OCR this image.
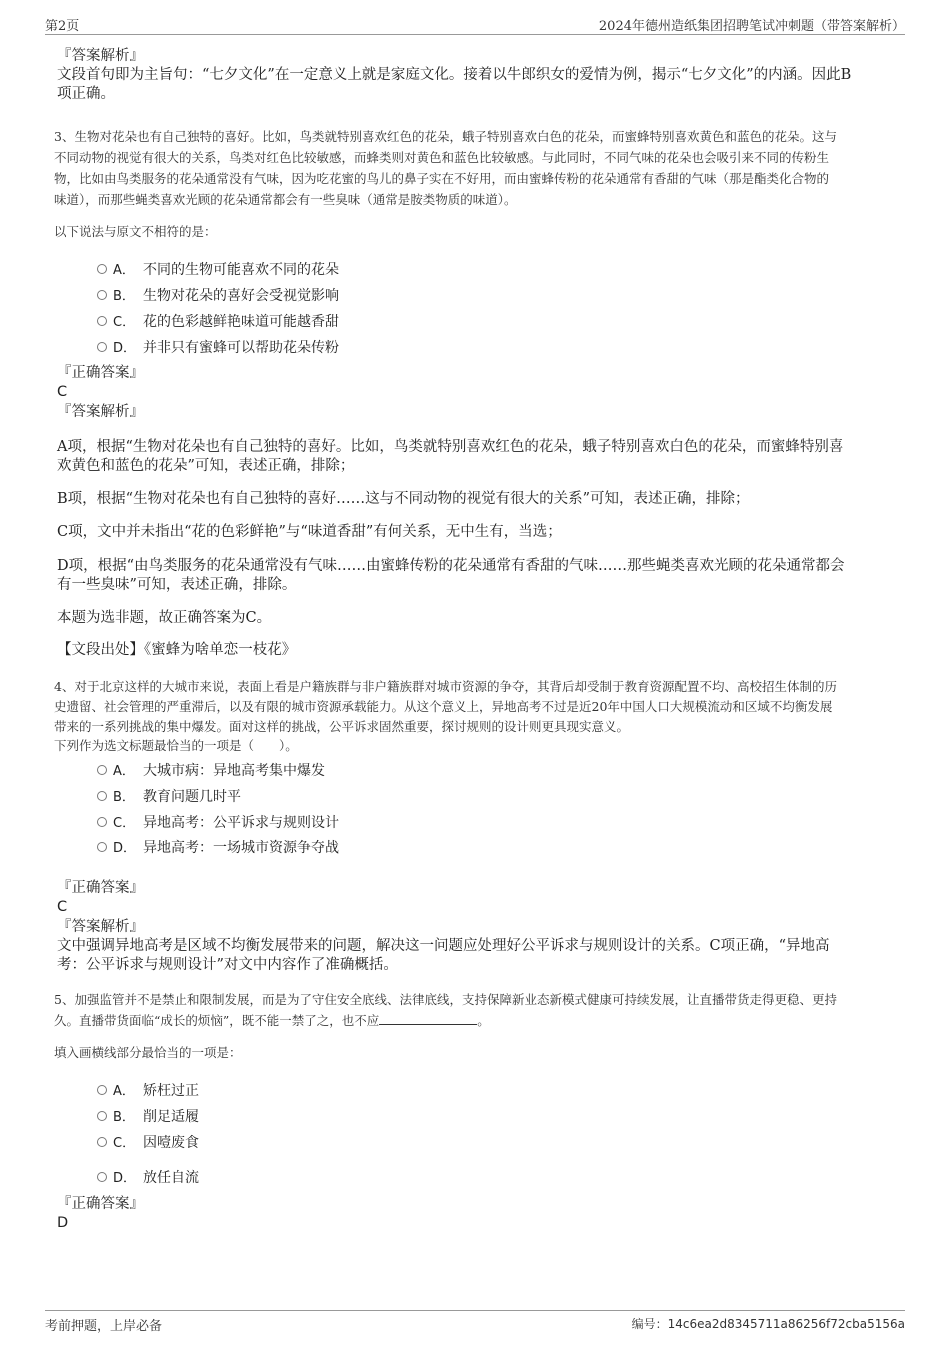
第2页	2024年德州造纸集团招聘笔试冲刺题（带答案解析）
『答案解析』
文段首句即为主旨句：“七夕文化”在一定意义上就是家庭文化。接着以牛郎织女的爱情为例，揭示“七夕文化”的内涵。因此B
项正确。
3、生物对花朵也有自己独特的喜好。比如，鸟类就特别喜欢红色的花朵，蛾子特别喜欢白色的花朵，而蜜蜂特别喜欢黄色和蓝色的花朵。这与
不同动物的视觉有很大的关系，鸟类对红色比较敏感，而蜂类则对黄色和蓝色比较敏感。与此同时，不同气味的花朵也会吸引来不同的传粉生
物，比如由鸟类服务的花朵通常没有气味，因为吃花蜜的鸟儿的鼻子实在不好用，而由蜜蜂传粉的花朵通常有香甜的气味（那是酯类化合物的
味道），而那些蝇类喜欢光顾的花朵通常都会有一些臭味（通常是胺类物质的味道）。
以下说法与原文不相符的是：
A． 不同的生物可能喜欢不同的花朵
B． 生物对花朵的喜好会受视觉影响
C． 花的色彩越鲜艳味道可能越香甜
D． 并非只有蜜蜂可以帮助花朵传粉
『正确答案』
C
『答案解析』
A项，根据“生物对花朵也有自己独特的喜好。比如，鸟类就特别喜欢红色的花朵，蛾子特别喜欢白色的花朵，而蜜蜂特别喜
欢黄色和蓝色的花朵”可知，表述正确，排除；
B项，根据“生物对花朵也有自己独特的喜好……这与不同动物的视觉有很大的关系”可知，表述正确，排除；
C项，文中并未指出“花的色彩鲜艳”与“味道香甜”有何关系，无中生有，当选；
D项，根据“由鸟类服务的花朵通常没有气味……由蜜蜂传粉的花朵通常有香甜的气味……那些蝇类喜欢光顾的花朵通常都会
有一些臭味”可知，表述正确，排除。
本题为选非题，故正确答案为C。
【文段出处】《蜜蜂为啥单恋一枝花》
4、对于北京这样的大城市来说，表面上看是户籍族群与非户籍族群对城市资源的争夺，其背后却受制于教育资源配置不均、高校招生体制的历
史遗留、社会管理的严重滞后，以及有限的城市资源承载能力。从这个意义上，异地高考不过是近20年中国人口大规模流动和区域不均衡发展
带来的一系列挑战的集中爆发。面对这样的挑战，公平诉求固然重要，探讨规则的设计则更具现实意义。
下列作为选文标题最恰当的一项是（　　）。
A． 大城市病：异地高考集中爆发
B． 教育问题几时平
C． 异地高考：公平诉求与规则设计
D． 异地高考：一场城市资源争夺战
『正确答案』
C
『答案解析』
文中强调异地高考是区域不均衡发展带来的问题，解决这一问题应处理好公平诉求与规则设计的关系。C项正确，“异地高
考：公平诉求与规则设计”对文中内容作了准确概括。
5、加强监管并不是禁止和限制发展，而是为了守住安全底线、法律底线，支持保障新业态新模式健康可持续发展，让直播带货走得更稳、更持
久。直播带货面临“成长的烦恼”，既不能一禁了之，也不应	。
填入画横线部分最恰当的一项是：
A． 矫枉过正
B． 削足适履
C． 因噎废食
D． 放任自流
『正确答案』
D
考前押题，上岸必备	编号：14c6ea2d8345711a86256f72cba5156a
